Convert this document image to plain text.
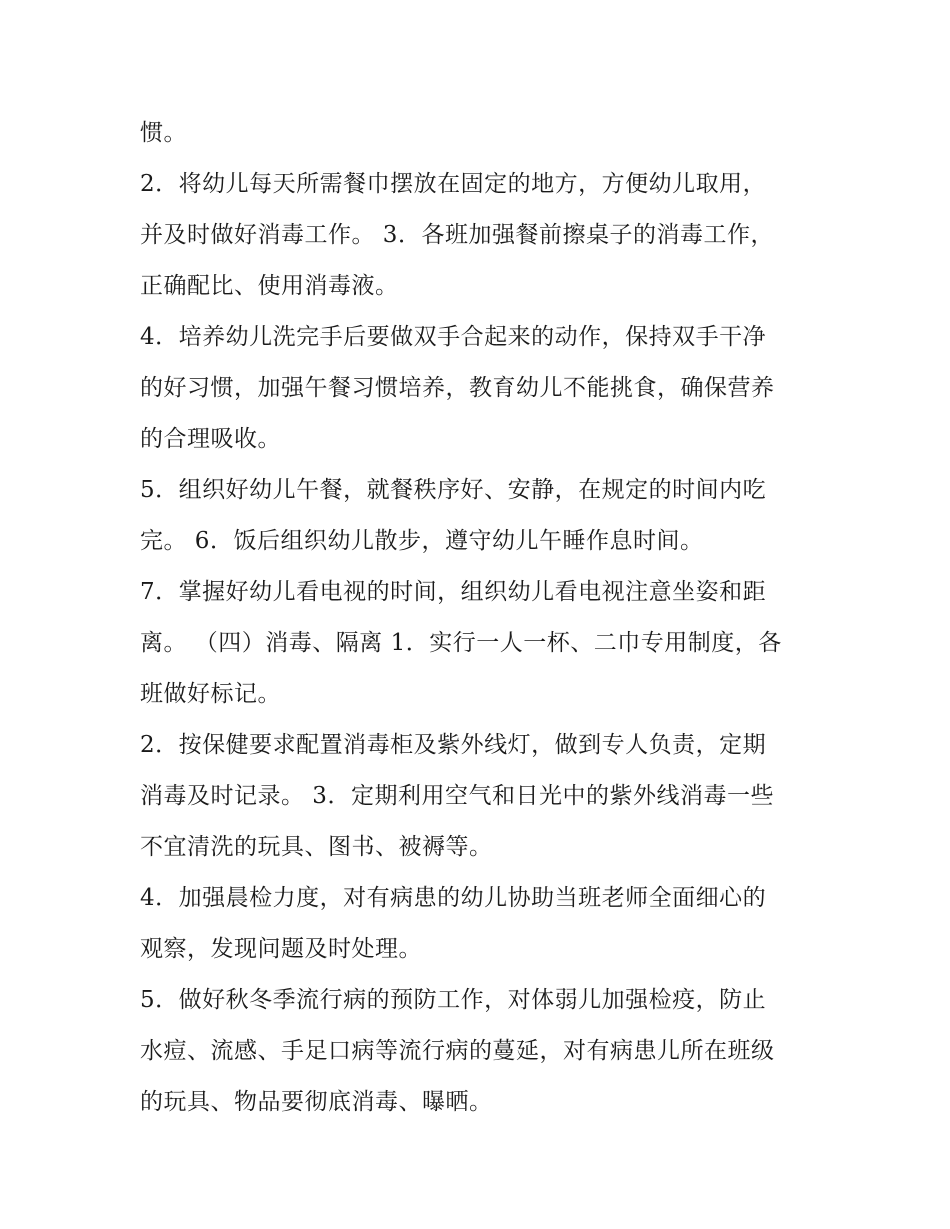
惯。
2．将幼儿每天所需餐巾摆放在固定的地方，方便幼儿取用，
并及时做好消毒工作。 3．各班加强餐前擦桌子的消毒工作，
正确配比、使用消毒液。
4．培养幼儿洗完手后要做双手合起来的动作，保持双手干净
的好习惯，加强午餐习惯培养，教育幼儿不能挑食，确保营养
的合理吸收。
5．组织好幼儿午餐，就餐秩序好、安静，在规定的时间内吃
完。 6．饭后组织幼儿散步，遵守幼儿午睡作息时间。
7．掌握好幼儿看电视的时间，组织幼儿看电视注意坐姿和距
离。 （四）消毒、隔离 1．实行一人一杯、二巾专用制度，各
班做好标记。
2．按保健要求配置消毒柜及紫外线灯，做到专人负责，定期
消毒及时记录。 3．定期利用空气和日光中的紫外线消毒一些
不宜清洗的玩具、图书、被褥等。
4．加强晨检力度，对有病患的幼儿协助当班老师全面细心的
观察，发现问题及时处理。
5．做好秋冬季流行病的预防工作，对体弱儿加强检疫，防止
水痘、流感、手足口病等流行病的蔓延，对有病患儿所在班级
的玩具、物品要彻底消毒、曝晒。
